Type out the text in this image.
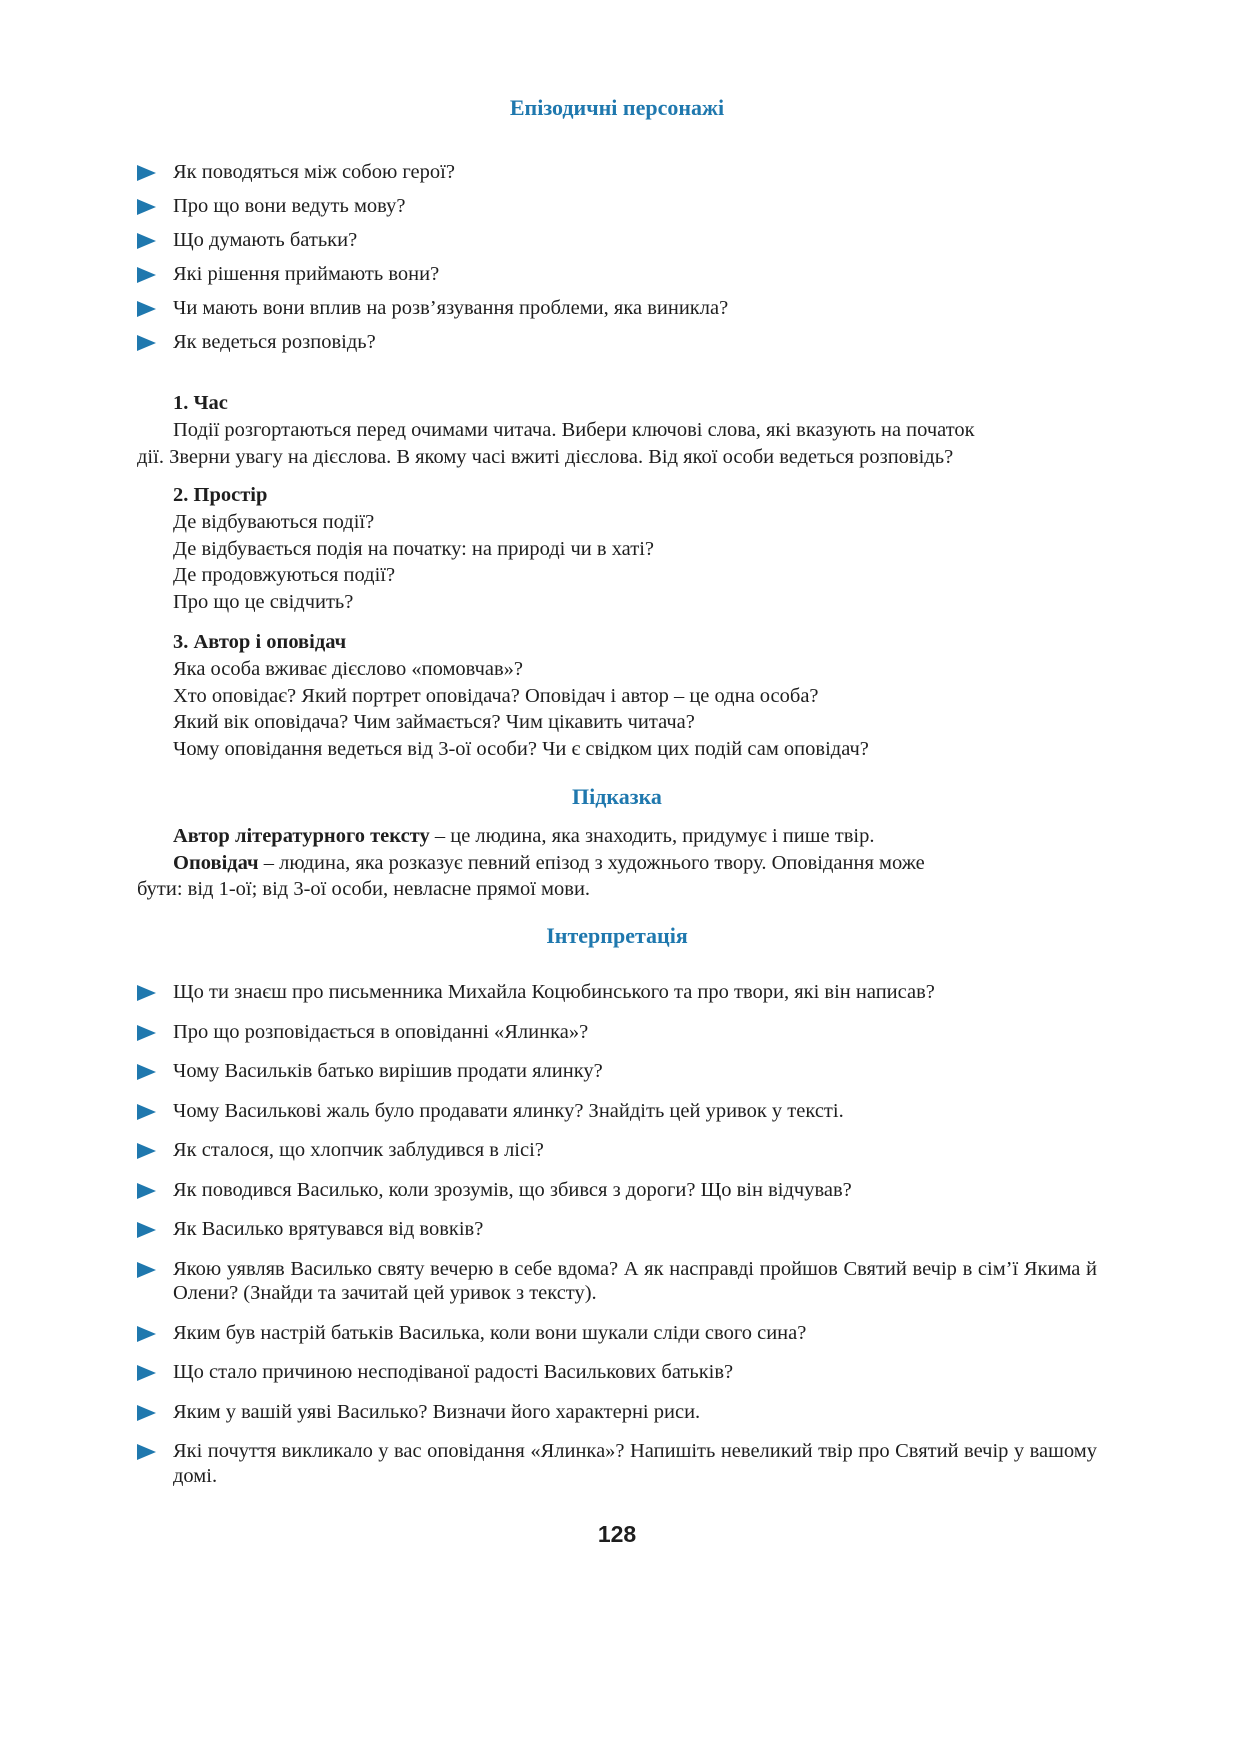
Епізодичні персонажі
Як поводяться між собою герої?
Про що вони ведуть мову?
Що думають батьки?
Які рішення приймають вони?
Чи мають вони вплив на розв’язування проблеми, яка виникла?
Як ведеться розповідь?

1. Час

Події розгортаються перед очимами читача. Вибери ключові слова, які вказують на початок

дії. Зверни увагу на дієслова. В якому часі вжиті дієслова. Від якої особи ведеться розповідь?

2. Простір

Де відбуваються події?

Де відбувається подія на початку: на природі чи в хаті?

Де продовжуються події?

Про що це свідчить?

3. Автор і оповідач

Яка особа вживає дієслово «помовчав»?

Хто оповідає? Який портрет оповідача? Оповідач і автор – це одна особа?

Який вік оповідача? Чим займається? Чим цікавить читача?

Чому оповідання ведеться від 3-ої особи? Чи є свідком цих подій сам оповідач?

Підказка

Автор літературного тексту – це людина, яка знаходить, придумує і пише твір.

Оповідач – людина, яка розказує певний епізод з художнього твору. Оповідання може

бути: від 1-ої; від 3-ої особи, невласне прямої мови.

Інтерпретація
Що ти знаєш про письменника Михайла Коцюбинського та про твори, які він написав?
Про що розповідається в оповіданні «Ялинка»?
Чому Васильків батько вирішив продати ялинку?
Чому Василькові жаль було продавати ялинку? Знайдіть цей уривок у тексті.
Як сталося, що хлопчик заблудився в лісі?
Як поводився Василько, коли зрозумів, що збився з дороги? Що він відчував?
Як Василько врятувався від вовків?
Якою уявляв Василько святу вечерю в себе вдома? А як насправді пройшов Святий вечір в сім’ї Якима й Олени? (Знайди та зачитай цей уривок з тексту).
Яким був настрій батьків Василька, коли вони шукали сліди свого сина?
Що стало причиною несподіваної радості Василькових батьків?
Яким у вашій уяві Василько? Визначи його характерні риси.
Які почуття викликало у вас оповідання «Ялинка»? Напишіть невеликий твір про Святий вечір у вашому домі.
128
